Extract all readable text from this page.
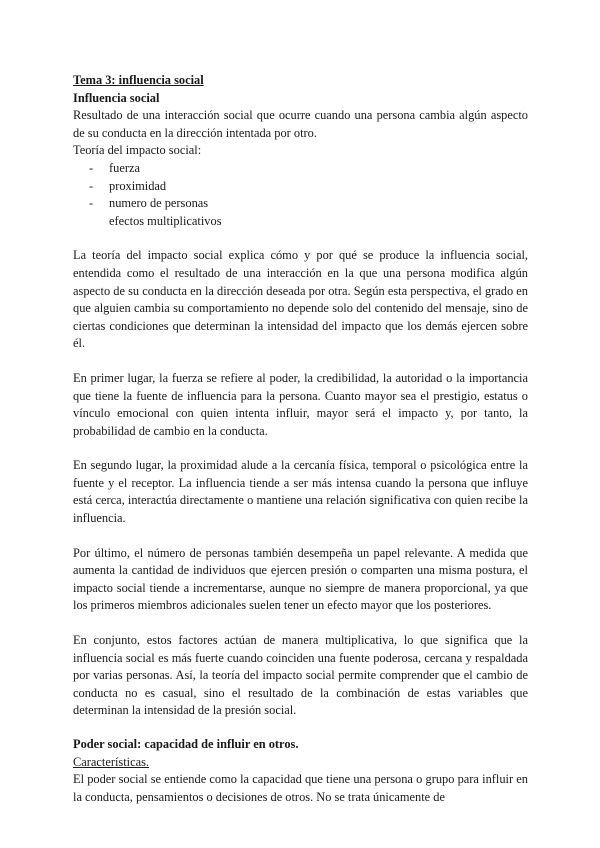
Tema 3: influencia social

Influencia social

Resultado de una interacción social que ocurre cuando una persona cambia algún aspecto de su conducta en la dirección intentada por otro.

Teoría del impacto social:

- fuerza
- proximidad
- numero de personas
efectos multiplicativos

La teoría del impacto social explica cómo y por qué se produce la influencia social, entendida como el resultado de una interacción en la que una persona modifica algún aspecto de su conducta en la dirección deseada por otra. Según esta perspectiva, el grado en que alguien cambia su comportamiento no depende solo del contenido del mensaje, sino de ciertas condiciones que determinan la intensidad del impacto que los demás ejercen sobre él.

En primer lugar, la fuerza se refiere al poder, la credibilidad, la autoridad o la importancia que tiene la fuente de influencia para la persona. Cuanto mayor sea el prestigio, estatus o vínculo emocional con quien intenta influir, mayor será el impacto y, por tanto, la probabilidad de cambio en la conducta.

En segundo lugar, la proximidad alude a la cercanía física, temporal o psicológica entre la fuente y el receptor. La influencia tiende a ser más intensa cuando la persona que influye está cerca, interactúa directamente o mantiene una relación significativa con quien recibe la influencia.

Por último, el número de personas también desempeña un papel relevante. A medida que aumenta la cantidad de individuos que ejercen presión o comparten una misma postura, el impacto social tiende a incrementarse, aunque no siempre de manera proporcional, ya que los primeros miembros adicionales suelen tener un efecto mayor que los posteriores.

En conjunto, estos factores actúan de manera multiplicativa, lo que significa que la influencia social es más fuerte cuando coinciden una fuente poderosa, cercana y respaldada por varias personas. Así, la teoría del impacto social permite comprender que el cambio de conducta no es casual, sino el resultado de la combinación de estas variables que determinan la intensidad de la presión social.

Poder social: capacidad de influir en otros.

Características.

El poder social se entiende como la capacidad que tiene una persona o grupo para influir en la conducta, pensamientos o decisiones de otros. No se trata únicamente de
